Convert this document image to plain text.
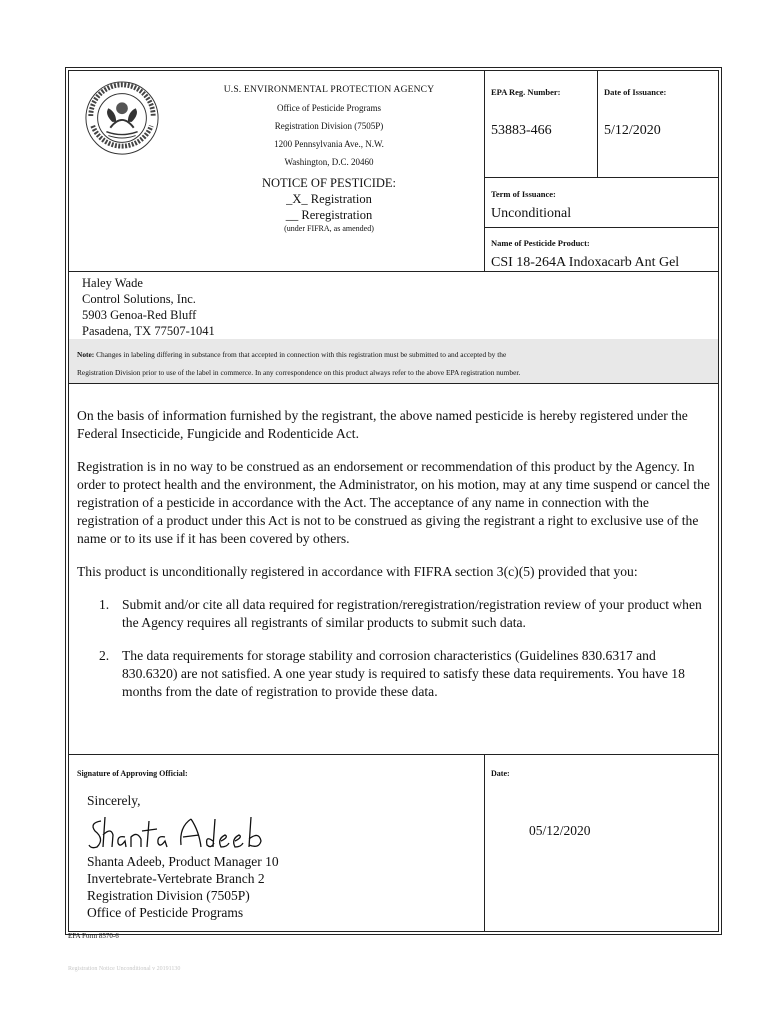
U.S. ENVIRONMENTAL PROTECTION AGENCY
Office of Pesticide Programs
Registration Division (7505P)
1200 Pennsylvania Ave., N.W.
Washington, D.C. 20460
NOTICE OF PESTICIDE:
_X_ Registration
__ Reregistration
(under FIFRA, as amended)
EPA Reg. Number:
53883-466
Date of Issuance:
5/12/2020
Term of Issuance:
Unconditional
Name of Pesticide Product:
CSI 18-264A Indoxacarb Ant Gel
Haley Wade
Control Solutions, Inc.
5903 Genoa-Red Bluff
Pasadena, TX 77507-1041
Note: Changes in labeling differing in substance from that accepted in connection with this registration must be submitted to and accepted by the
Registration Division prior to use of the label in commerce. In any correspondence on this product always refer to the above EPA registration number.

On the basis of information furnished by the registrant, the above named pesticide is hereby registered under the Federal Insecticide, Fungicide and Rodenticide Act.

Registration is in no way to be construed as an endorsement or recommendation of this product by the Agency. In order to protect health and the environment, the Administrator, on his motion, may at any time suspend or cancel the registration of a pesticide in accordance with the Act. The acceptance of any name in connection with the registration of a product under this Act is not to be construed as giving the registrant a right to exclusive use of the name or to its use if it has been covered by others.

This product is unconditionally registered in accordance with FIFRA section 3(c)(5) provided that you:

1. Submit and/or cite all data required for registration/reregistration/registration review of your product when the Agency requires all registrants of similar products to submit such data.
2. The data requirements for storage stability and corrosion characteristics (Guidelines 830.6317 and 830.6320) are not satisfied. A one year study is required to satisfy these data requirements. You have 18 months from the date of registration to provide these data.
Signature of Approving Official:	Date:
Sincerely,
05/12/2020
Shanta Adeeb, Product Manager 10
Invertebrate-Vertebrate Branch 2
Registration Division (7505P)
Office of Pesticide Programs
EPA Form 8570-6
Registration Notice Unconditional v 20191130
